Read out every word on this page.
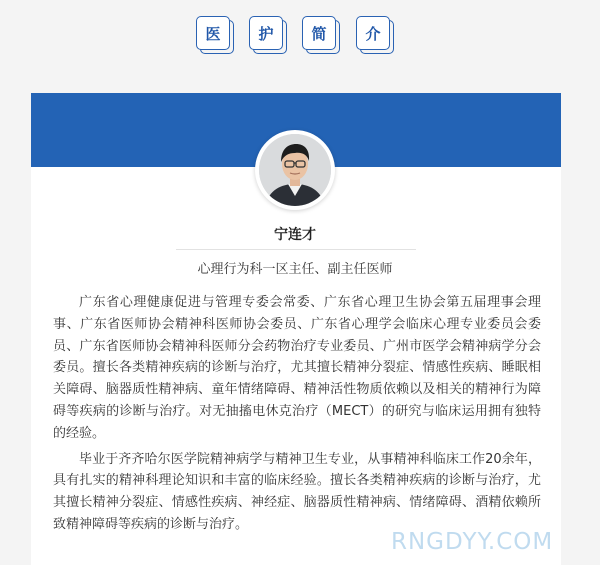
医	护	简	介
宁连才
心理行为科一区主任、副主任医师

广东省心理健康促进与管理专委会常委、广东省心理卫生协会第五届理事会理事、广东省医师协会精神科医师协会委员、广东省心理学会临床心理专业委员会委员、广东省医师协会精神科医师分会药物治疗专业委员、广州市医学会精神病学分会委员。擅长各类精神疾病的诊断与治疗，尤其擅长精神分裂症、情感性疾病、睡眠相关障碍、脑器质性精神病、童年情绪障碍、精神活性物质依赖以及相关的精神行为障碍等疾病的诊断与治疗。对无抽搐电休克治疗（MECT）的研究与临床运用拥有独特的经验。

毕业于齐齐哈尔医学院精神病学与精神卫生专业，从事精神科临床工作20余年，具有扎实的精神科理论知识和丰富的临床经验。擅长各类精神疾病的诊断与治疗，尤其擅长精神分裂症、情感性疾病、神经症、脑器质性精神病、情绪障碍、酒精依赖所致精神障碍等疾病的诊断与治疗。

RNGDYY.COM
